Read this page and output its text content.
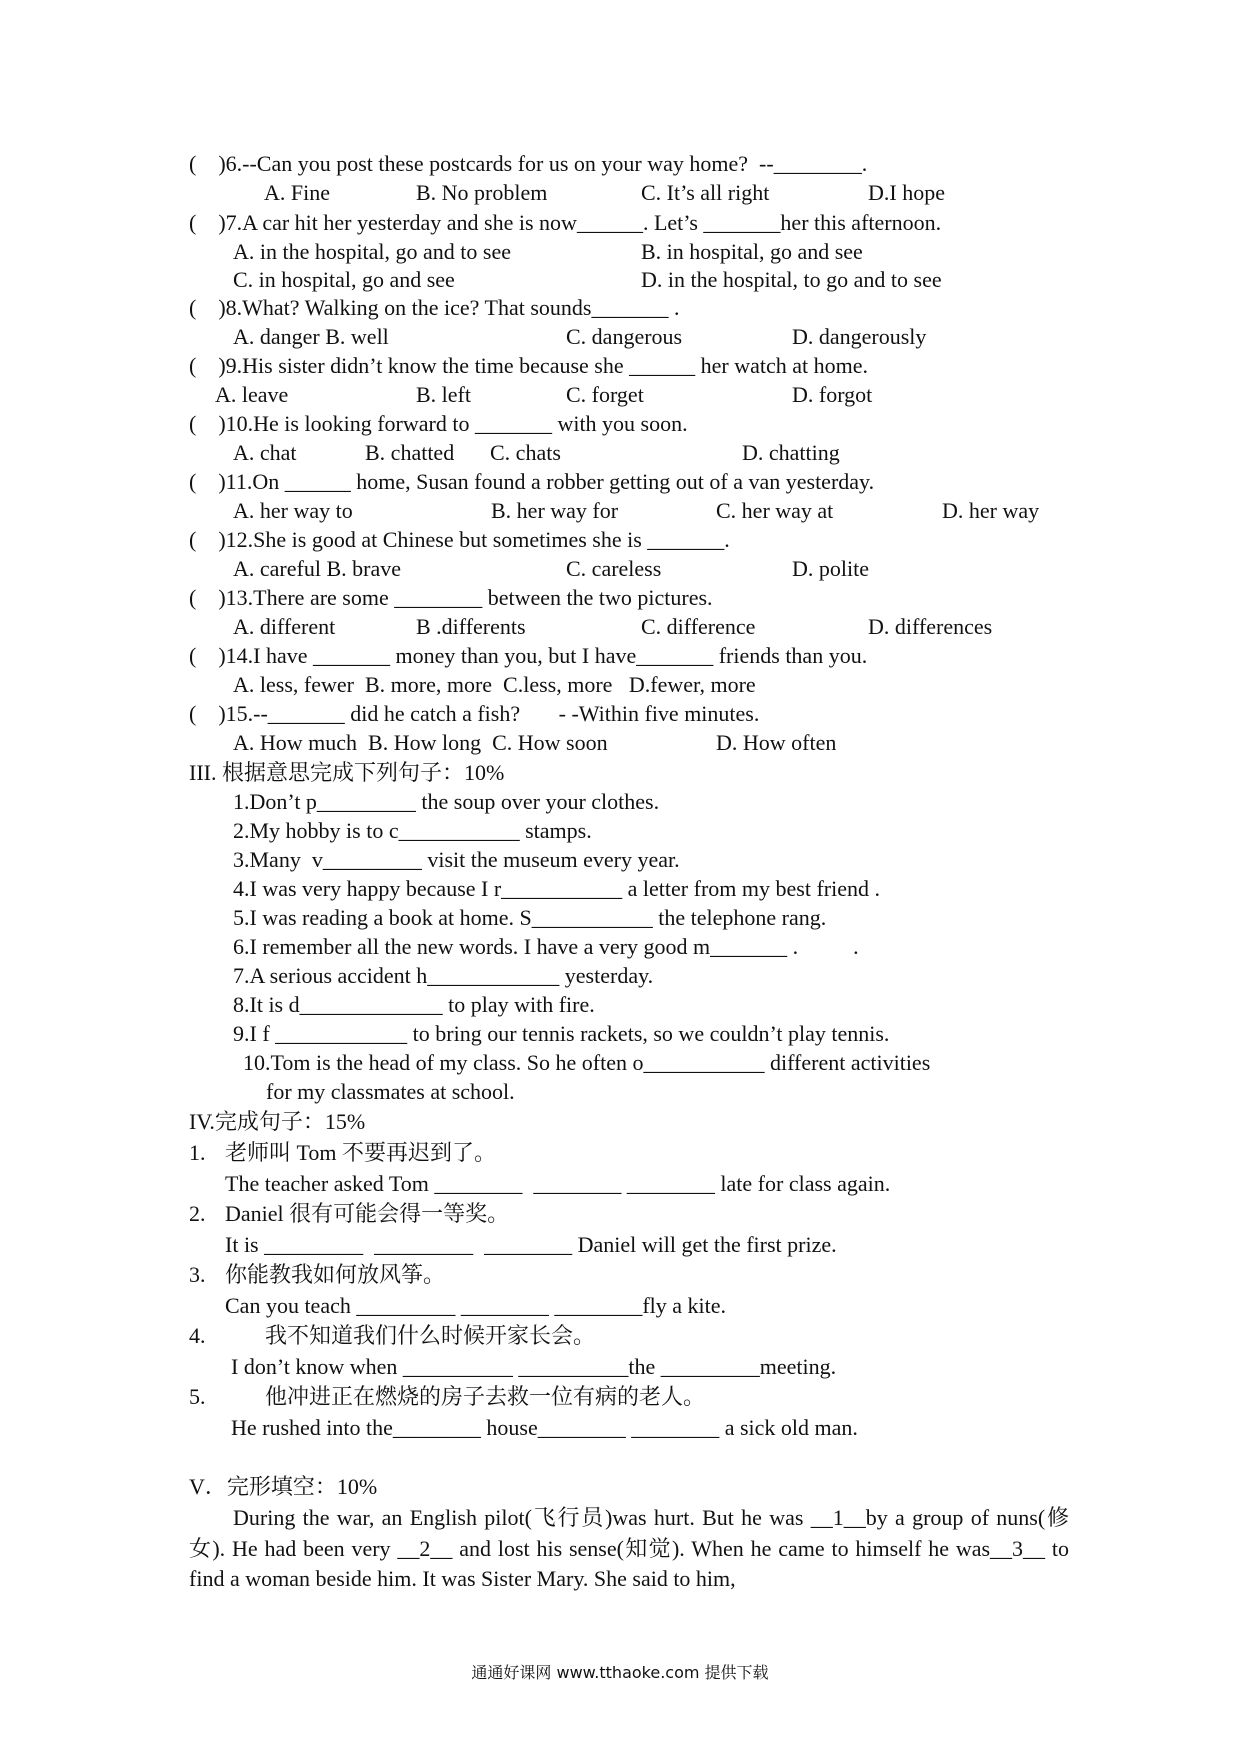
(    )6.--Can you post these postcards for us on your way home?  --________.
A. Fine	B. No problem	C. It’s all right	D.I hope
(    )7.A car hit her yesterday and she is now______. Let’s _______her this afternoon.
A. in the hospital, go and to see	B. in hospital, go and see
C. in hospital, go and see	D. in the hospital, to go and to see
(    )8.What? Walking on the ice? That sounds_______ .
A. danger B. well	C. dangerous	D. dangerously
(    )9.His sister didn’t know the time because she ______ her watch at home.
A. leave	B. left	C. forget	D. forgot
(    )10.He is looking forward to _______ with you soon.
A. chat	B. chatted C. chats	D. chatting
(    )11.On ______ home, Susan found a robber getting out of a van yesterday.
A. her way to	B. her way for	C. her way at	D. her way
(    )12.She is good at Chinese but sometimes she is _______.
A. careful B. brave	C. careless	D. polite
(    )13.There are some ________ between the two pictures.
A. different	B .differents	C. difference	D. differences
(    )14.I have _______ money than you, but I have_______ friends than you.
A. less, fewer  B. more, more  C.less, more   D.fewer, more
(    )15.--_______ did he catch a fish?       - -Within five minutes.
A. How much  B. How long  C. How soon	D. How often
III. 根据意思完成下列句子：10%
1.Don’t p_________ the soup over your clothes.
2.My hobby is to c___________ stamps.
3.Many  v_________ visit the museum every year.
4.I was very happy because I r___________ a letter from my best friend .
5.I was reading a book at home. S___________ the telephone rang.
6.I remember all the new words. I have a very good m_______ .          .
7.A serious accident h____________ yesterday.
8.It is d_____________ to play with fire.
9.I f ____________ to bring our tennis rackets, so we couldn’t play tennis.
10.Tom is the head of my class. So he often o___________ different activities
for my classmates at school.
IV.完成句子：15%
1. 老师叫 Tom 不要再迟到了。
The teacher asked Tom ________  ________ ________ late for class again.
2. Daniel 很有可能会得一等奖。
It is _________  _________  ________ Daniel will get the first prize.
3. 你能教我如何放风筝。
Can you teach _________ ________ ________fly a kite.
4.	我不知道我们什么时候开家长会。
I don’t know when __________ __________the _________meeting.
5.	他冲进正在燃烧的房子去救一位有病的老人。
He rushed into the________ house________ ________ a sick old man.
V．完形填空：10%
During the war, an English pilot(飞行员)was hurt. But he was __1__by a group of nuns(修女). He had been very __2__ and lost his sense(知觉). When he came to himself he was__3__ to find a woman beside him. It was Sister Mary. She said to him,
通通好课网 www.tthaoke.com 提供下载
